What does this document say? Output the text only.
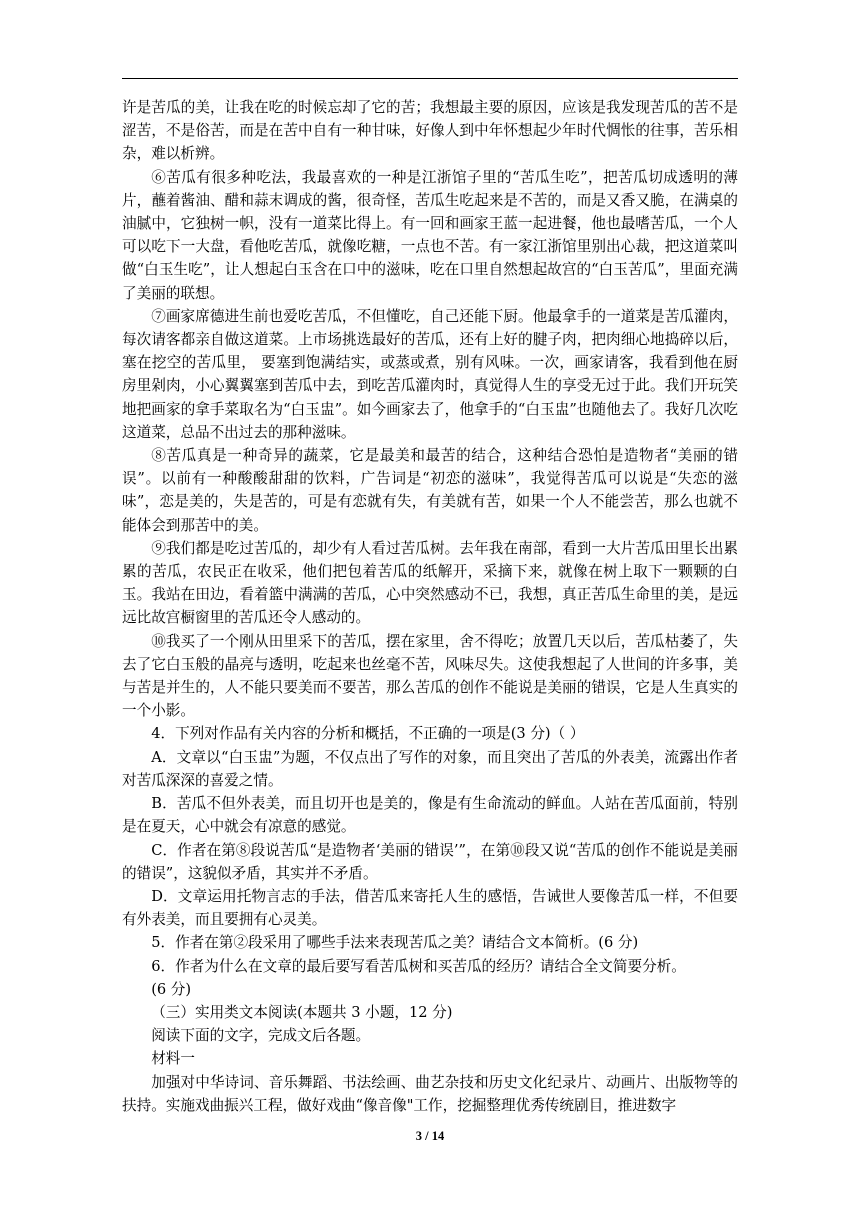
许是苦瓜的美，让我在吃的时候忘却了它的苦；我想最主要的原因，应该是我发现苦瓜的苦不是涩苦，不是俗苦，而是在苦中自有一种甘味，好像人到中年怀想起少年时代惆怅的往事，苦乐相杂，难以析辨。

⑥苦瓜有很多种吃法，我最喜欢的一种是江浙馆子里的“苦瓜生吃”，把苦瓜切成透明的薄片，蘸着酱油、醋和蒜末调成的酱，很奇怪，苦瓜生吃起来是不苦的，而是又香又脆，在满桌的油腻中，它独树一帜，没有一道菜比得上。有一回和画家王蓝一起进餐，他也最嗜苦瓜，一个人可以吃下一大盘，看他吃苦瓜，就像吃糖，一点也不苦。有一家江浙馆里别出心裁，把这道菜叫做“白玉生吃”，让人想起白玉含在口中的滋味，吃在口里自然想起故宫的“白玉苦瓜”，里面充满了美丽的联想。

⑦画家席德进生前也爱吃苦瓜，不但懂吃，自己还能下厨。他最拿手的一道菜是苦瓜灌肉，每次请客都亲自做这道菜。上市场挑选最好的苦瓜，还有上好的腱子肉，把肉细心地捣碎以后，塞在挖空的苦瓜里， 要塞到饱满结实，或蒸或煮，别有风味。一次，画家请客，我看到他在厨房里剁肉，小心翼翼塞到苦瓜中去，到吃苦瓜灌肉时，真觉得人生的享受无过于此。我们开玩笑地把画家的拿手菜取名为“白玉盅”。如今画家去了，他拿手的“白玉盅”也随他去了。我好几次吃这道菜，总品不出过去的那种滋味。

⑧苦瓜真是一种奇异的蔬菜，它是最美和最苦的结合，这种结合恐怕是造物者“美丽的错误”。以前有一种酸酸甜甜的饮料，广告词是“初恋的滋味”，我觉得苦瓜可以说是“失恋的滋味”，恋是美的，失是苦的，可是有恋就有失，有美就有苦，如果一个人不能尝苦，那么也就不能体会到那苦中的美。

⑨我们都是吃过苦瓜的，却少有人看过苦瓜树。去年我在南部，看到一大片苦瓜田里长出累累的苦瓜，农民正在收采，他们把包着苦瓜的纸解开，采摘下来，就像在树上取下一颗颗的白玉。我站在田边，看着篮中满满的苦瓜，心中突然感动不已，我想，真正苦瓜生命里的美，是远远比故宫橱窗里的苦瓜还令人感动的。

⑩我买了一个刚从田里采下的苦瓜，摆在家里，舍不得吃；放置几天以后，苦瓜枯萎了，失去了它白玉般的晶亮与透明，吃起来也丝毫不苦，风味尽失。这使我想起了人世间的许多事，美与苦是并生的，人不能只要美而不要苦，那么苦瓜的创作不能说是美丽的错误，它是人生真实的一个小影。

4．下列对作品有关内容的分析和概括，不正确的一项是(3 分)（ ）

A．文章以“白玉盅”为题，不仅点出了写作的对象，而且突出了苦瓜的外表美，流露出作者对苦瓜深深的喜爱之情。

B．苦瓜不但外表美，而且切开也是美的，像是有生命流动的鲜血。人站在苦瓜面前，特别是在夏天，心中就会有凉意的感觉。

C．作者在第⑧段说苦瓜“是造物者‘美丽的错误’”，在第⑩段又说“苦瓜的创作不能说是美丽的错误”，这貌似矛盾，其实并不矛盾。

D．文章运用托物言志的手法，借苦瓜来寄托人生的感悟，告诫世人要像苦瓜一样，不但要有外表美，而且要拥有心灵美。

5．作者在第②段采用了哪些手法来表现苦瓜之美？请结合文本简析。(6 分)

6．作者为什么在文章的最后要写看苦瓜树和买苦瓜的经历？请结合全文简要分析。

(6 分)

（三）实用类文本阅读(本题共 3 小题，12 分)

阅读下面的文字，完成文后各题。

材料一

加强对中华诗词、音乐舞蹈、书法绘画、曲艺杂技和历史文化纪录片、动画片、出版物等的扶持。实施戏曲振兴工程，做好戏曲“像音像"工作，挖掘整理优秀传统剧目，推进数字

3 / 14
